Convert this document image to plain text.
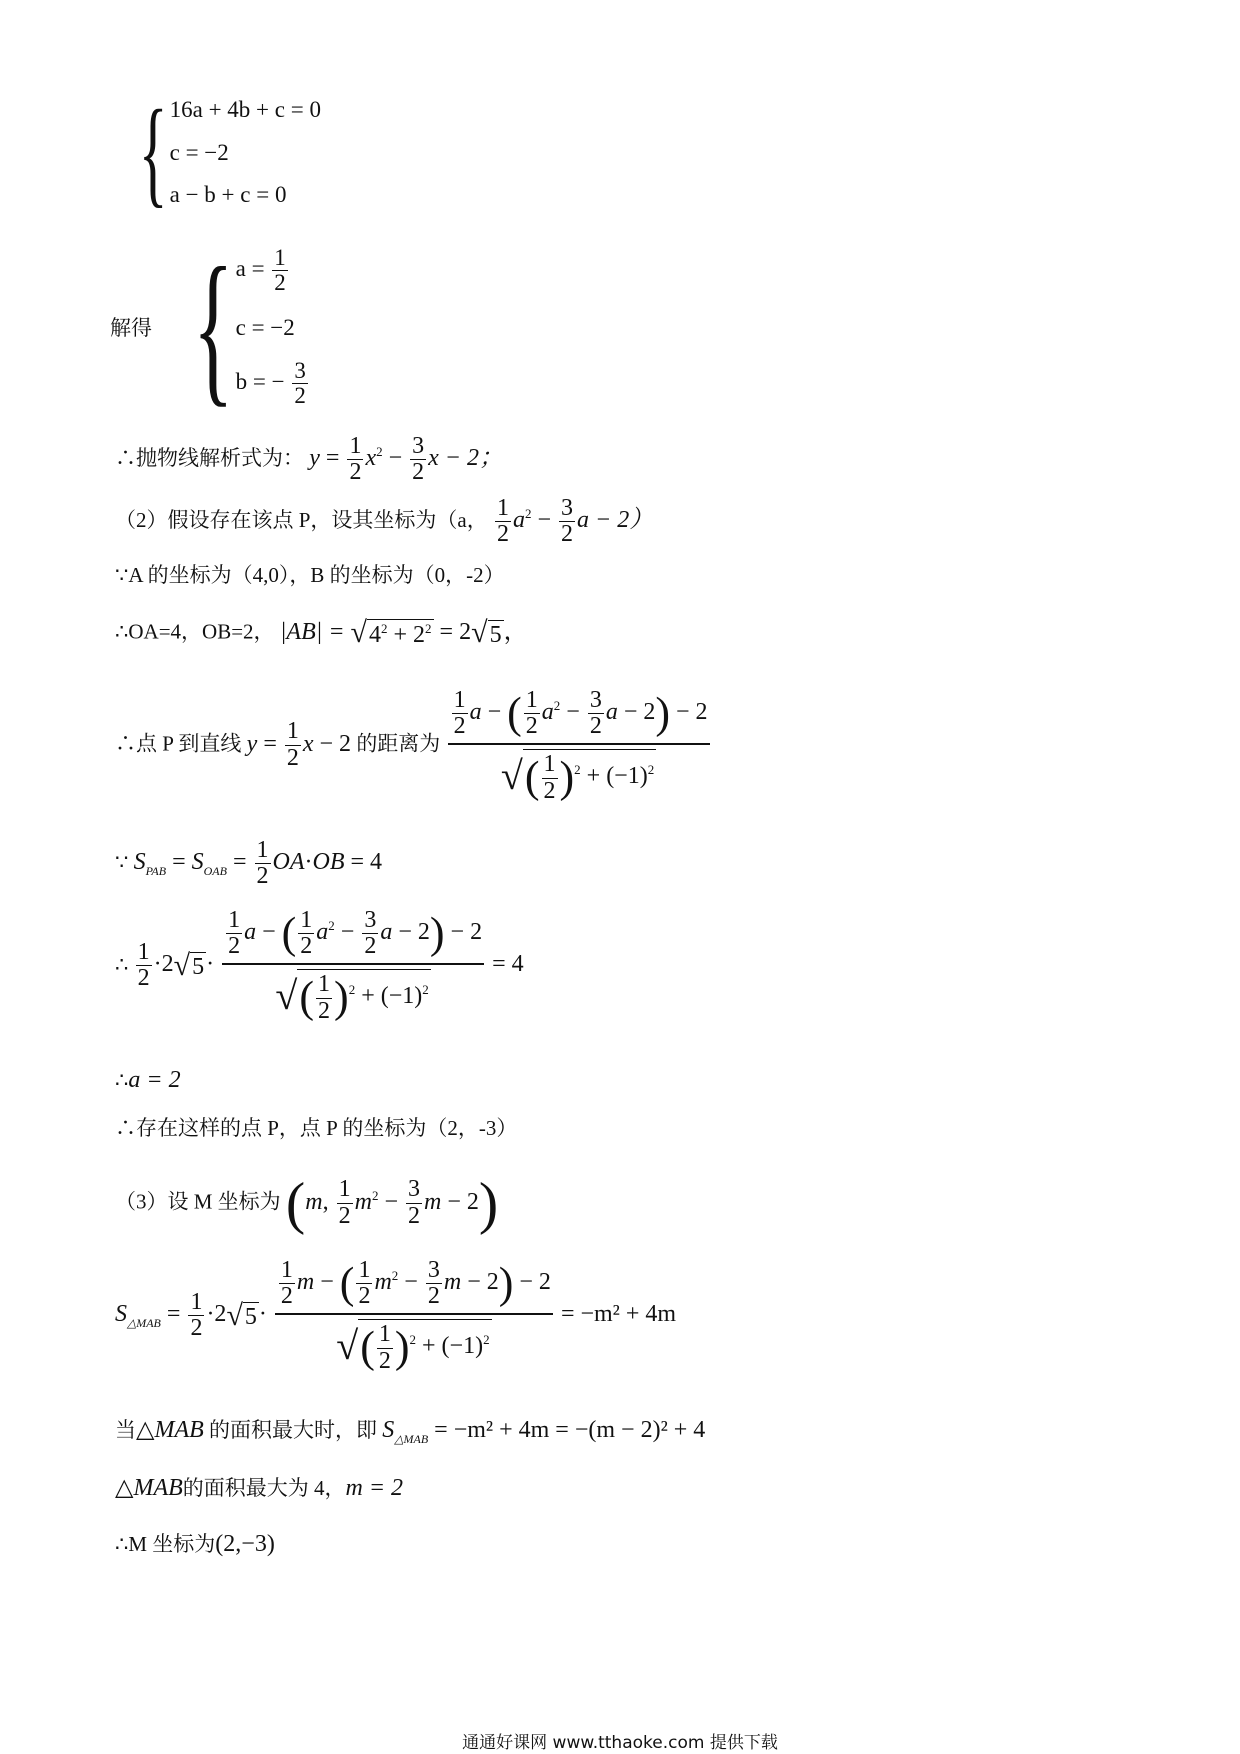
{ 16a + 4b + c = 0
c = −2
a − b + c = 0
解得 { $a = \frac{1}{2}$
c = −2
b = − $\frac{3}{2}$
∴抛物线解析式为： $y = \frac{1}{2} x^2 - \frac{3}{2}$ x − 2；
（2）假设存在该点 P，设其坐标为（a， $\frac{1}{2} a^2 - \frac{3}{2}$ a − 2）
∵A 的坐标为（4,0），B 的坐标为（0，-2）
∴OA=4，OB=2， $|AB| = √4^2 + 2^2 = 2√5$，
∴点 P 到直线 $y = \frac{1}{2}$ x − 2 的距离为 $\frac{\frac{1}{2} a - ( \frac{1}{2} a^2 - \frac{3}{2} a - 2) - 2}{√( \frac{1}{2} )^2 + (-1)^2}$
∵ $S_{PAB} = S_{OAB} = \frac{1}{2} OA\cdot OB = 4$
∴ $\frac{1}{2} \cdot 2√5\cdot \frac{\frac{1}{2} a - ( \frac{1}{2} a^2 - \frac{3}{2} a - 2) - 2}{√( \frac{1}{2} )^2 + (-1)^2} = 4$
∴a = 2
∴存在这样的点 P，点 P 的坐标为（2，-3）
（3）设 M 坐标为 (m, $\frac{1}{2} m^2 - \frac{3}{2}$ m − 2)
$S_{\triangle MAB} = \frac{1}{2} \cdot 2√5\cdot \frac{\frac{1}{2} m - ( \frac{1}{2} m^2 - \frac{3}{2} m - 2) - 2}{√( \frac{1}{2} )^2 + (-1)^2} = -m^2 + 4m$
当△MAB 的面积最大时，即 $S_{\triangle MAB} = -m^2 + 4m = -(m - 2)^2 + 4$
△MAB的面积最大为 4，m = 2
∴M 坐标为(2,−3)
通通好课网 www.tthaoke.com 提供下载
